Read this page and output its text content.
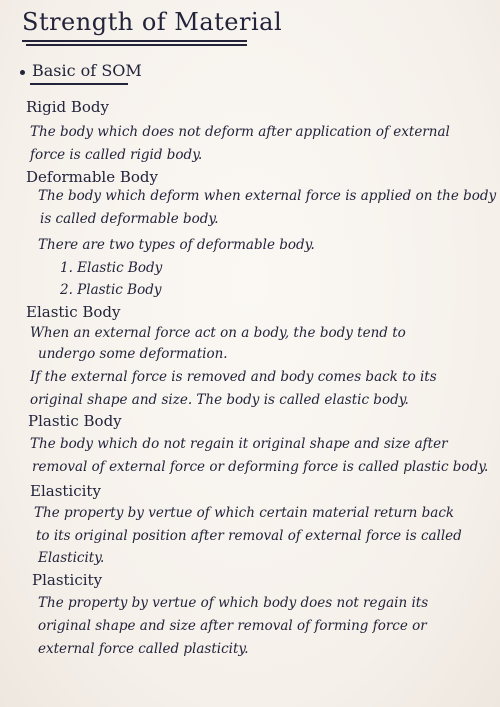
Strength of Material
Basic of SOM
Rigid Body
The body which does not deform after application of external
force is called rigid body.
Deformable Body
The body which deform when external force is applied on the body
is called deformable body.
There are two types of deformable body.
1. Elastic Body
2. Plastic Body
Elastic Body
When an external force act on a body, the body tend to
undergo some deformation.
If the external force is removed and body comes back to its
original shape and size. The body is called elastic body.
Plastic Body
The body which do not regain it original shape and size after
removal of external force or deforming force is called plastic body.
Elasticity
The property by vertue of which certain material return back
to its original position after removal of external force is called
Elasticity.
Plasticity
The property by vertue of which body does not regain its
original shape and size after removal of forming force or
external force called plasticity.
